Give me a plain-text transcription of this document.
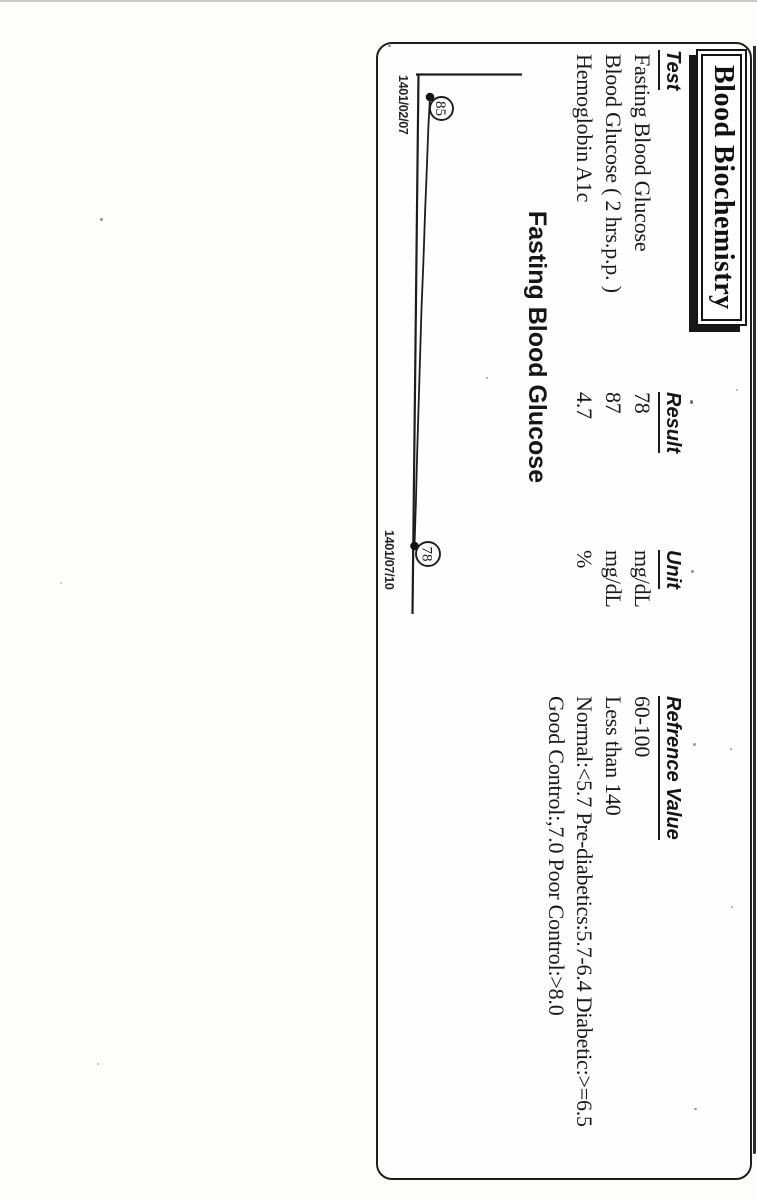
Blood Biochemistry
Test
Result
Unit
Refrence Value
Fasting Blood Glucose
78
mg/dL
60-100
Blood Glucose ( 2 hrs.p.p. )
87
mg/dL
Less than 140
Hemoglobin A1c
4.7
%
Normal:<5.7 Pre-diabetics:5.7-6.4 Diabetic:>=6.5
Good Control:,7.0 Poor Control:>8.0
Fasting Blood Glucose
85
78
1401/02/07
1401/07/10
